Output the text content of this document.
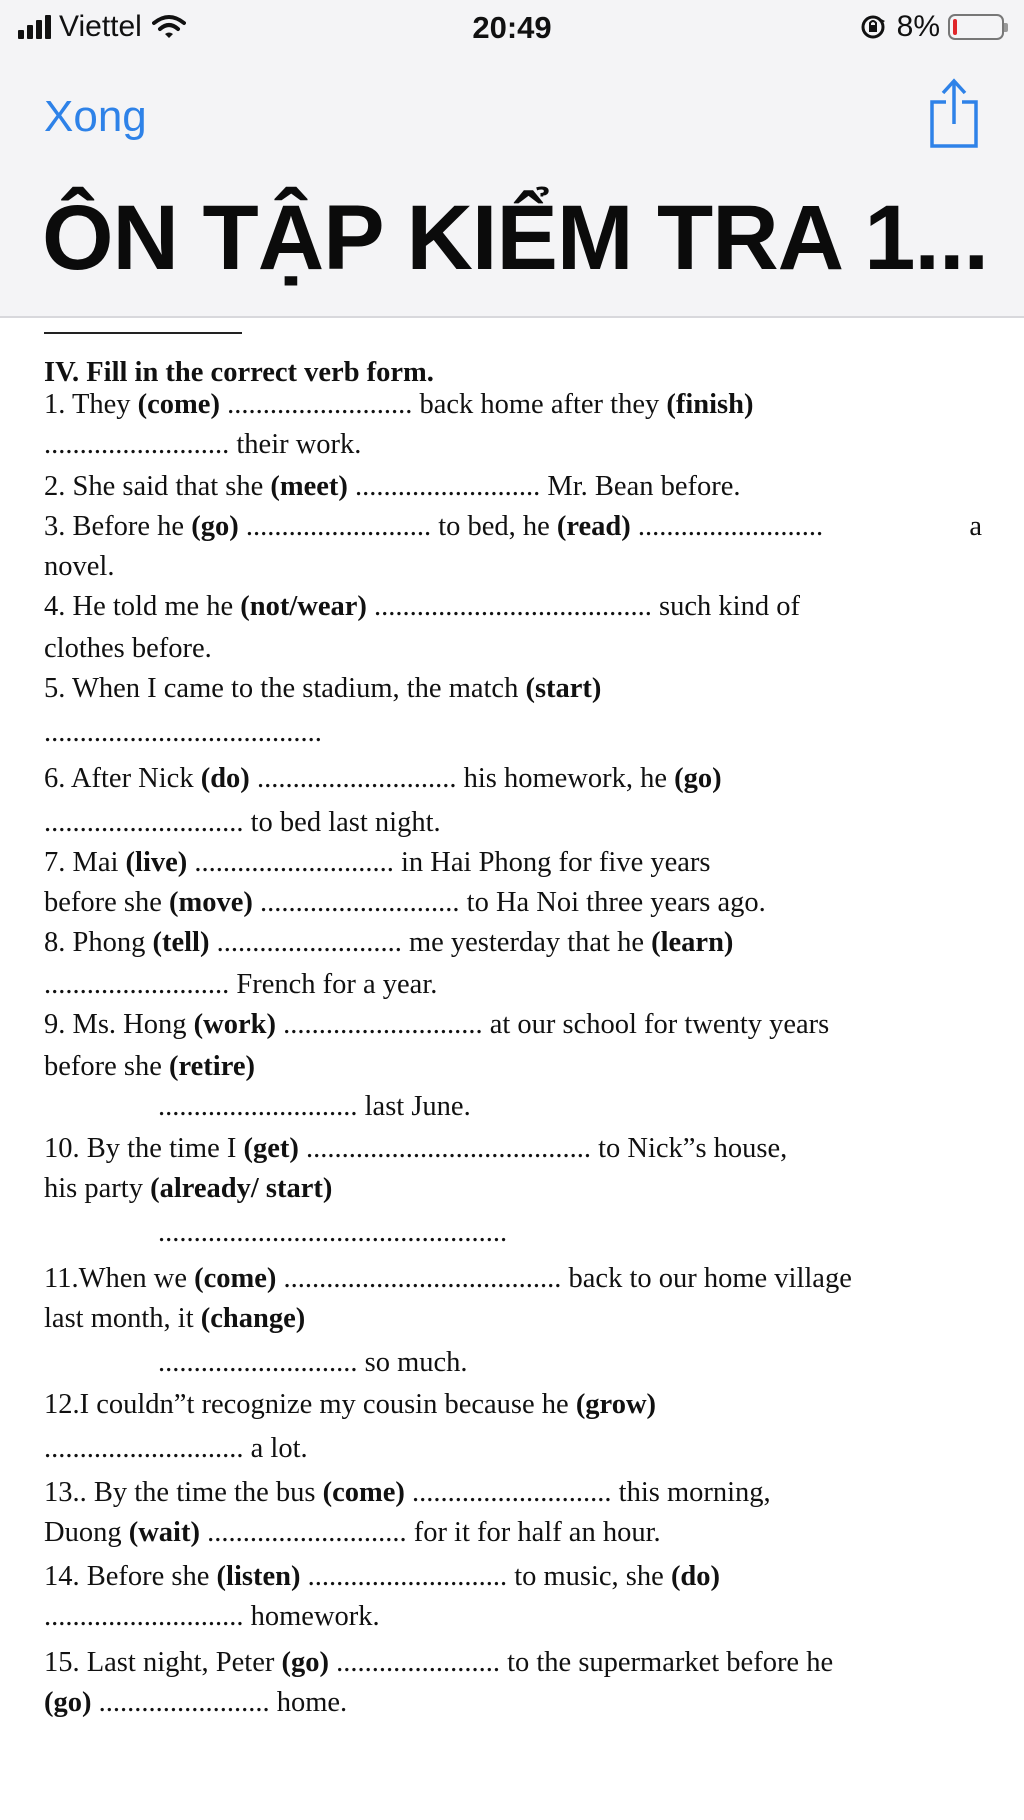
Viettel	20:49	8%
Xong
ÔN TẬP KIỂM TRA 1...
IV. Fill in the correct verb form.
1. They (come) .......................... back home after they (finish)
.......................... their work.
2. She said that she (meet) .......................... Mr. Bean before.
3. Before he (go) .......................... to bed, he (read) ..........................	a
novel.
4. He told me he (not/wear) ....................................... such kind of
clothes before.
5. When I came to the stadium, the match (start)
.......................................
6. After Nick (do) ............................ his homework, he (go)
............................ to bed last night.
7. Mai (live) ............................ in Hai Phong for five years
before she (move) ............................ to Ha Noi three years ago.
8. Phong (tell) .......................... me yesterday that he (learn)
.......................... French for a year.
9. Ms. Hong (work) ............................ at our school for twenty years
before she (retire)
............................ last June.
10. By the time I (get) ........................................ to Nick”s house,
his party (already/ start)
.................................................
11.When we (come) ....................................... back to our home village
last month, it (change)
............................ so much.
12.I couldn”t recognize my cousin because he (grow)
............................ a lot.
13.. By the time the bus (come) ............................ this morning,
Duong (wait) ............................ for it for half an hour.
14. Before she (listen) ............................ to music, she (do)
............................ homework.
15. Last night, Peter (go) ....................... to the supermarket before he
(go) ........................ home.
